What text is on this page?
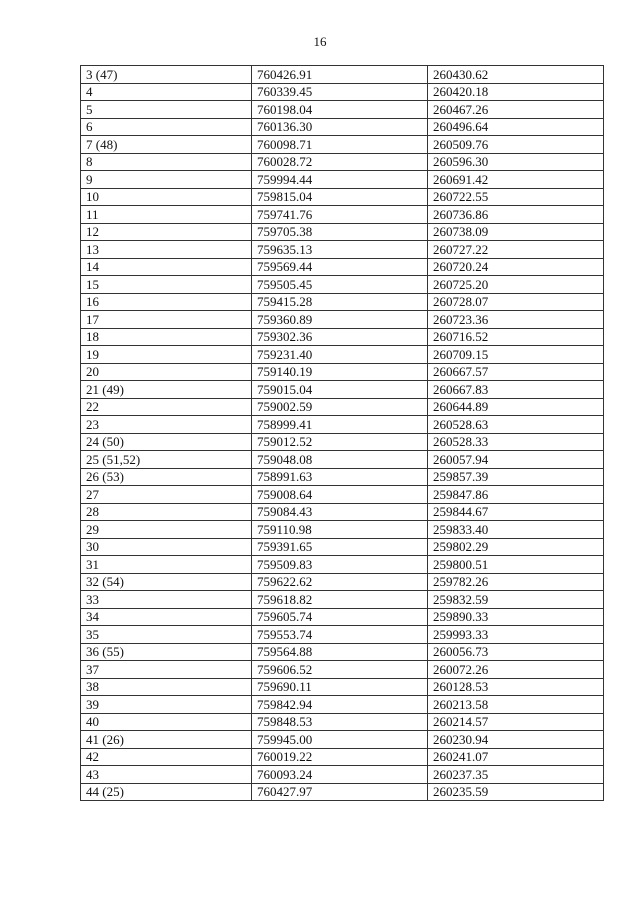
16
3 (47)	760426.91	260430.62
4	760339.45	260420.18
5	760198.04	260467.26
6	760136.30	260496.64
7 (48)	760098.71	260509.76
8	760028.72	260596.30
9	759994.44	260691.42
10	759815.04	260722.55
11	759741.76	260736.86
12	759705.38	260738.09
13	759635.13	260727.22
14	759569.44	260720.24
15	759505.45	260725.20
16	759415.28	260728.07
17	759360.89	260723.36
18	759302.36	260716.52
19	759231.40	260709.15
20	759140.19	260667.57
21 (49)	759015.04	260667.83
22	759002.59	260644.89
23	758999.41	260528.63
24 (50)	759012.52	260528.33
25 (51,52)	759048.08	260057.94
26 (53)	758991.63	259857.39
27	759008.64	259847.86
28	759084.43	259844.67
29	759110.98	259833.40
30	759391.65	259802.29
31	759509.83	259800.51
32 (54)	759622.62	259782.26
33	759618.82	259832.59
34	759605.74	259890.33
35	759553.74	259993.33
36 (55)	759564.88	260056.73
37	759606.52	260072.26
38	759690.11	260128.53
39	759842.94	260213.58
40	759848.53	260214.57
41 (26)	759945.00	260230.94
42	760019.22	260241.07
43	760093.24	260237.35
44 (25)	760427.97	260235.59
